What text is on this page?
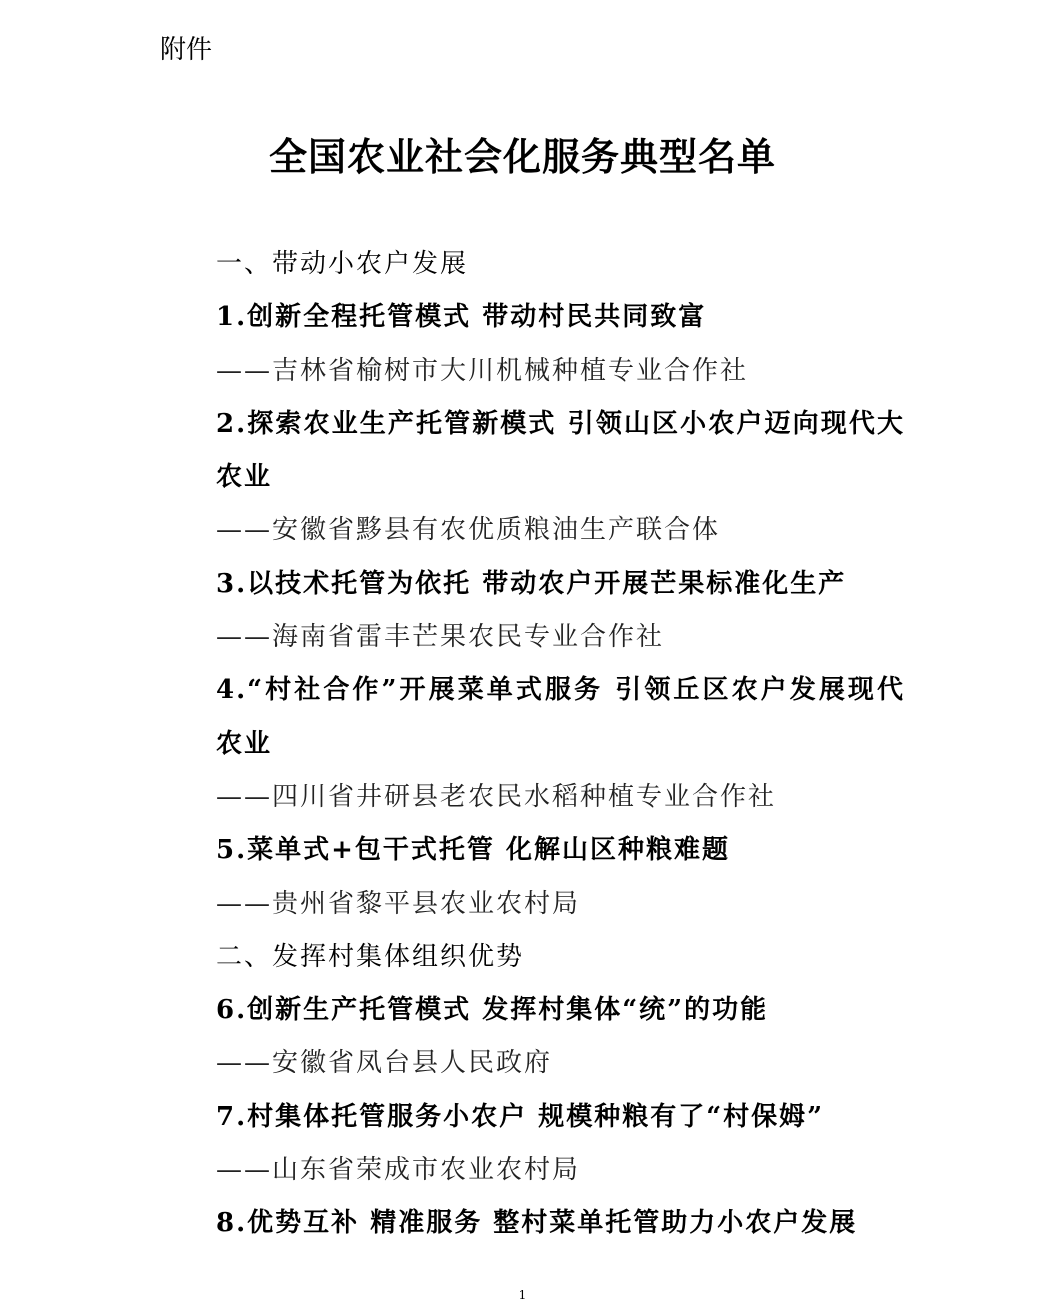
附件
全国农业社会化服务典型名单
一、带动小农户发展
1.创新全程托管模式 带动村民共同致富
——吉林省榆树市大川机械种植专业合作社
2.探索农业生产托管新模式 引领山区小农户迈向现代大农业
——安徽省黟县有农优质粮油生产联合体
3.以技术托管为依托 带动农户开展芒果标准化生产
——海南省雷丰芒果农民专业合作社
4.“村社合作”开展菜单式服务 引领丘区农户发展现代农业
——四川省井研县老农民水稻种植专业合作社
5.菜单式+包干式托管 化解山区种粮难题
——贵州省黎平县农业农村局
二、发挥村集体组织优势
6.创新生产托管模式 发挥村集体“统”的功能
——安徽省凤台县人民政府
7.村集体托管服务小农户 规模种粮有了“村保姆”
——山东省荣成市农业农村局
8.优势互补 精准服务 整村菜单托管助力小农户发展
1
